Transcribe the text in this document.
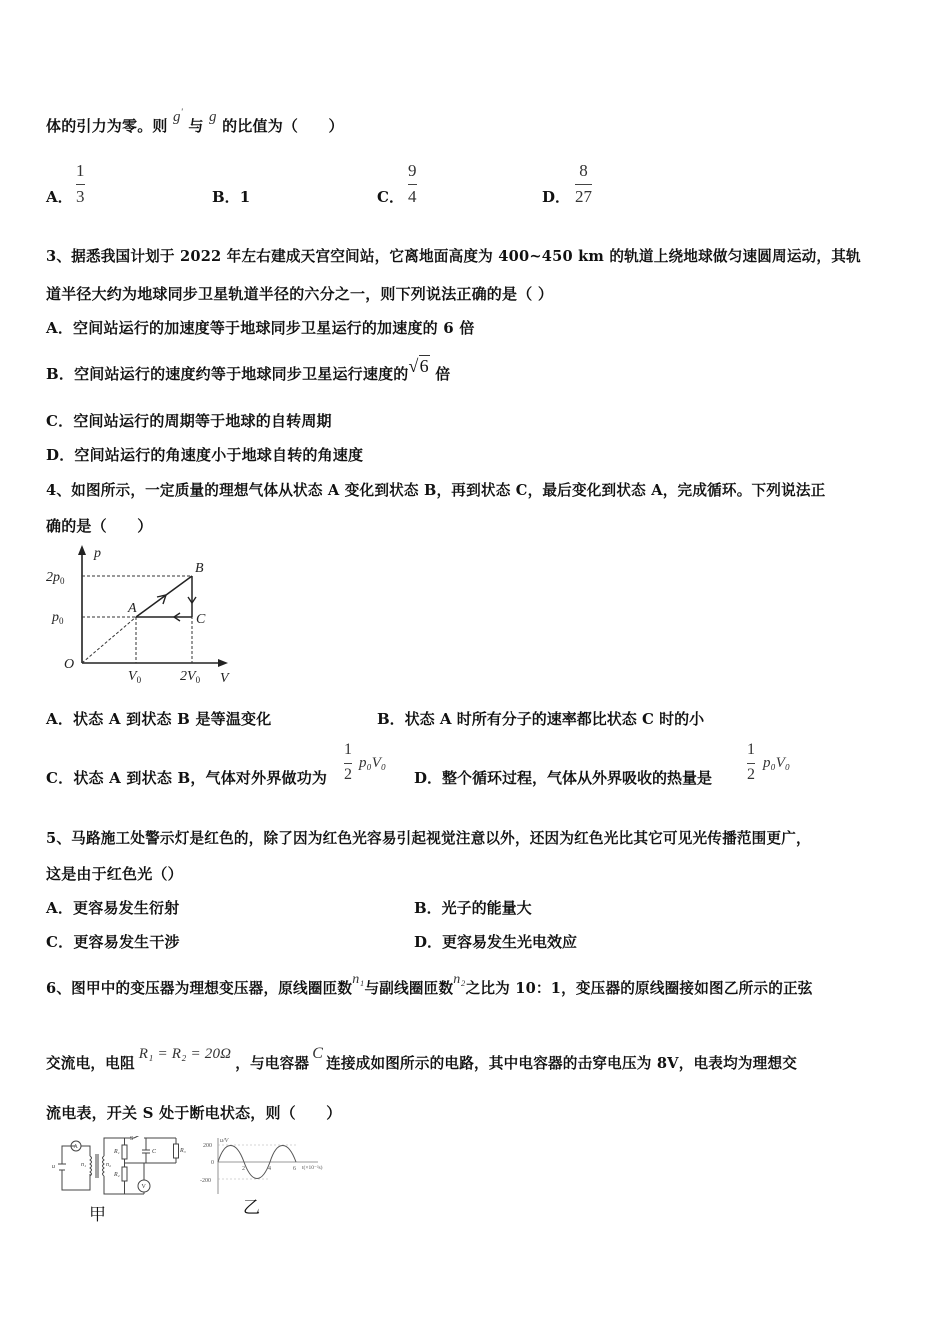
体的引力为零。则 g' 与 g 的比值为（　　）
A．
1
3	B．1	C．
9
4	D．
8
27
3、据悉我国计划于 2022 年左右建成天宫空间站，它离地面高度为 400~450 km 的轨道上绕地球做匀速圆周运动，其轨
道半径大约为地球同步卫星轨道半径的六分之一，则下列说法正确的是（ ）
A．空间站运行的加速度等于地球同步卫星运行的加速度的 6 倍
B．空间站运行的速度约等于地球同步卫星运行速度的√6 倍
C．空间站运行的周期等于地球的自转周期
D．空间站运行的角速度小于地球自转的角速度
4、如图所示，一定质量的理想气体从状态 A 变化到状态 B，再到状态 C，最后变化到状态 A，完成循环。下列说法正
确的是（　　）
p
V
O
A
B
C
$2p_0$
$p_0$
$V_0$	$2V_0$
A．状态 A 到状态 B 是等温变化	B．状态 A 时所有分子的速率都比状态 C 时的小
C．状态 A 到状态 B，气体对外界做功为
1
2
p₀V₀
D．整个循环过程，气体从外界吸收的热量是
1
2
p₀V₀
5、马路施工处警示灯是红色的，除了因为红色光容易引起视觉注意以外，还因为红色光比其它可见光传播范围更广，
这是由于红色光（）
A．更容易发生衍射	B．光子的能量大
C．更容易发生干涉	D．更容易发生光电效应
6、图甲中的变压器为理想变压器，原线圈匝数n₁与副线圈匝数n₂之比为 10：1，变压器的原线圈接如图乙所示的正弦
交流电，电阻R₁ = R₂ = 20Ω，与电容器C连接成如图所示的电路，其中电容器的击穿电压为 8V，电表均为理想交
流电表，开关 S 处于断电状态，则（　　）
A
u	n₁	n₂
V
S
C
R₁
R₂
R₃
甲
u/V
200
0
-200
2	4	6 t(×10⁻²s)
乙
